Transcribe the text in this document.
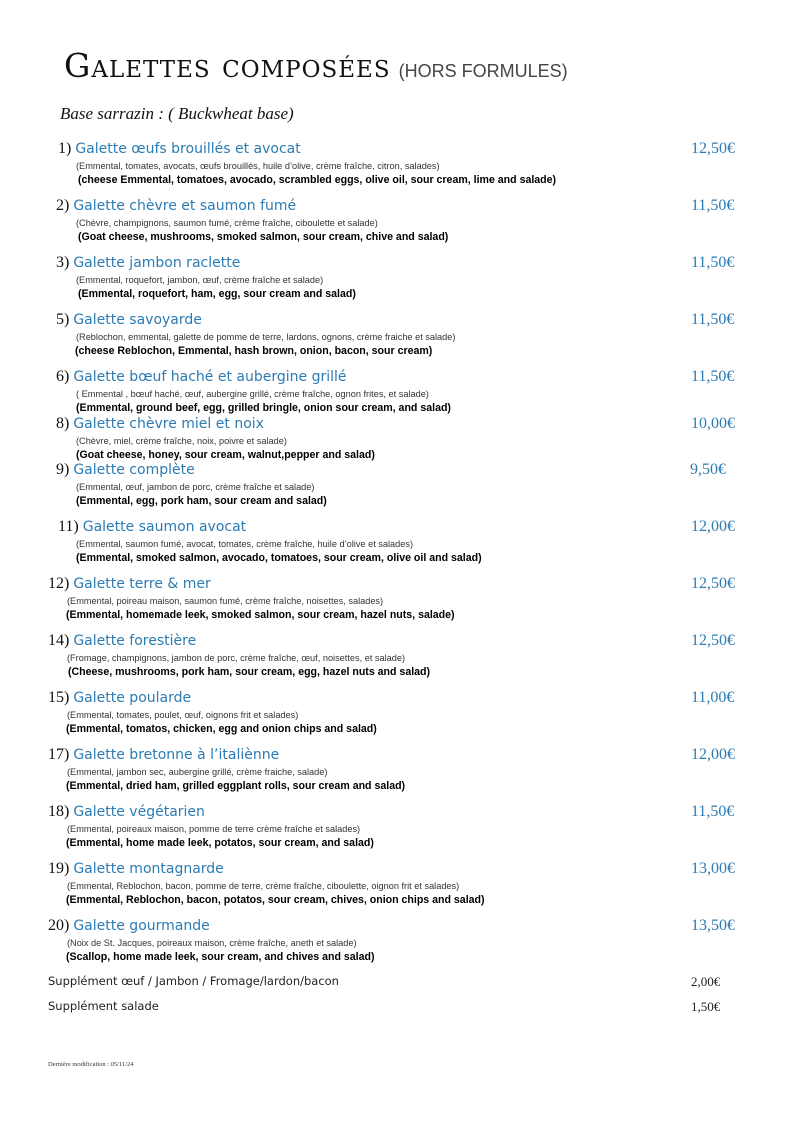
Galettes composées (HORS FORMULES)
Base sarrazin : ( Buckwheat base)
1) Galette œufs brouillés et avocat	12,50€
(Emmental, tomates, avocats, œufs brouillés, huile d’olive, crème fraîche, citron, salades)
(cheese Emmental, tomatoes, avocado, scrambled eggs, olive oil, sour cream, lime and salade)
2) Galette chèvre et saumon fumé	11,50€
(Chèvre, champignons, saumon fumé, crème fraîche, ciboulette et salade)
(Goat cheese, mushrooms, smoked salmon, sour cream, chive and salad)
3) Galette jambon raclette	11,50€
(Emmental, roquefort, jambon, œuf, crème fraîche et salade)
(Emmental, roquefort, ham, egg, sour cream and salad)
5) Galette savoyarde	11,50€
(Reblochon, emmental, galette de pomme de terre, lardons, ognons, crème fraiche et salade)
(cheese Reblochon, Emmental, hash brown, onion, bacon, sour cream)
6) Galette bœuf haché et aubergine grillé	11,50€
( Emmental , bœuf haché, œuf, aubergine grillé, crème fraîche, ognon frites, et salade)
(Emmental, ground beef, egg, grilled bringle, onion sour cream, and salad)
8) Galette chèvre miel et noix	10,00€
(Chèvre, miel, crème fraîche, noix, poivre et salade)
(Goat cheese, honey, sour cream, walnut,pepper and salad)
9) Galette complète	9,50€
(Emmental, œuf, jambon de porc, crème fraîche et salade)
(Emmental, egg, pork ham, sour cream and salad)
11) Galette saumon avocat	12,00€
(Emmental, saumon fumé, avocat, tomates, crème fraîche, huile d’olive et salades)
(Emmental, smoked salmon, avocado, tomatoes, sour cream, olive oil and salad)
12) Galette terre & mer	12,50€
(Emmental, poireau maison, saumon fumé, crème fraîche, noisettes, salades)
(Emmental, homemade leek, smoked salmon, sour cream, hazel nuts, salade)
14) Galette forestière	12,50€
(Fromage, champignons, jambon de porc, crème fraîche, œuf, noisettes, et salade)
(Cheese, mushrooms, pork ham, sour cream, egg, hazel nuts and salad)
15) Galette poularde	11,00€
(Emmental, tomates, poulet, œuf, oignons frit et salades)
(Emmental, tomatos, chicken, egg and onion chips and salad)
17) Galette bretonne à l’italiènne	12,00€
(Emmental, jambon sec, aubergine grillé, crème fraiche, salade)
(Emmental, dried ham, grilled eggplant rolls, sour cream and salad)
18) Galette végétarien	11,50€
(Emmental, poireaux maison, pomme de terre crème fraîche et salades)
(Emmental, home made leek, potatos, sour cream, and salad)
19) Galette montagnarde	13,00€
(Emmental, Reblochon, bacon, pomme de terre, crème fraîche, ciboulette, oignon frit et salades)
(Emmental, Reblochon, bacon, potatos, sour cream, chives, onion chips and salad)
20) Galette gourmande	13,50€
(Noix de St. Jacques, poireaux maison, crème fraîche, aneth et salade)
(Scallop, home made leek, sour cream, and chives and salad)
Supplément œuf / Jambon / Fromage/lardon/bacon	2,00€
Supplément salade	1,50€
Dernière modification : 05/11/24
